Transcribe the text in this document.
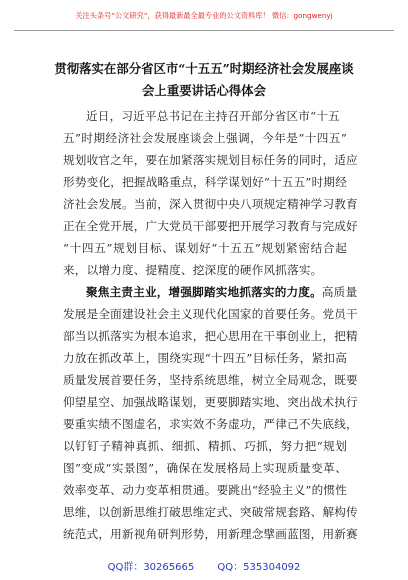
关注头条号“公文研究”，获得最新最全最专业的公文资料库！ 微信：gongwenyj
贯彻落实在部分省区市“十五五”时期经济社会发展座谈
会上重要讲话心得体会
近日，习近平总书记在主持召开部分省区市“十五
五”时期经济社会发展座谈会上强调，今年是“十四五”
规划收官之年，要在加紧落实规划目标任务的同时，适应
形势变化，把握战略重点，科学谋划好“十五五”时期经
济社会发展。当前，深入贯彻中央八项规定精神学习教育
正在全党开展，广大党员干部要把开展学习教育与完成好
“十四五”规划目标、谋划好“十五五”规划紧密结合起
来，以增力度、提精度、挖深度的硬作风抓落实。
聚焦主责主业，增强脚踏实地抓落实的力度。高质量
发展是全面建设社会主义现代化国家的首要任务。党员干
部当以抓落实为根本追求，把心思用在干事创业上，把精
力放在抓改革上，围绕实现“十四五”目标任务，紧扣高
质量发展首要任务，坚持系统思维，树立全局观念，既要
仰望星空、加强战略谋划，更要脚踏实地、突出战术执行
要重实绩不图虚名，求实效不务虚功，严律己不失底线，
以钉钉子精神真抓、细抓、精抓、巧抓，努力把“规划
图”变成“实景图”，确保在发展格局上实现质量变革、
效率变革、动力变革相贯通。要跳出“经验主义”的惯性
思维，以创新思维打破思维定式、突破常规套路、解构传
统范式，用新视角研判形势，用新理念擘画蓝图，用新赛
QQ群：30265665 QQ：535304092
